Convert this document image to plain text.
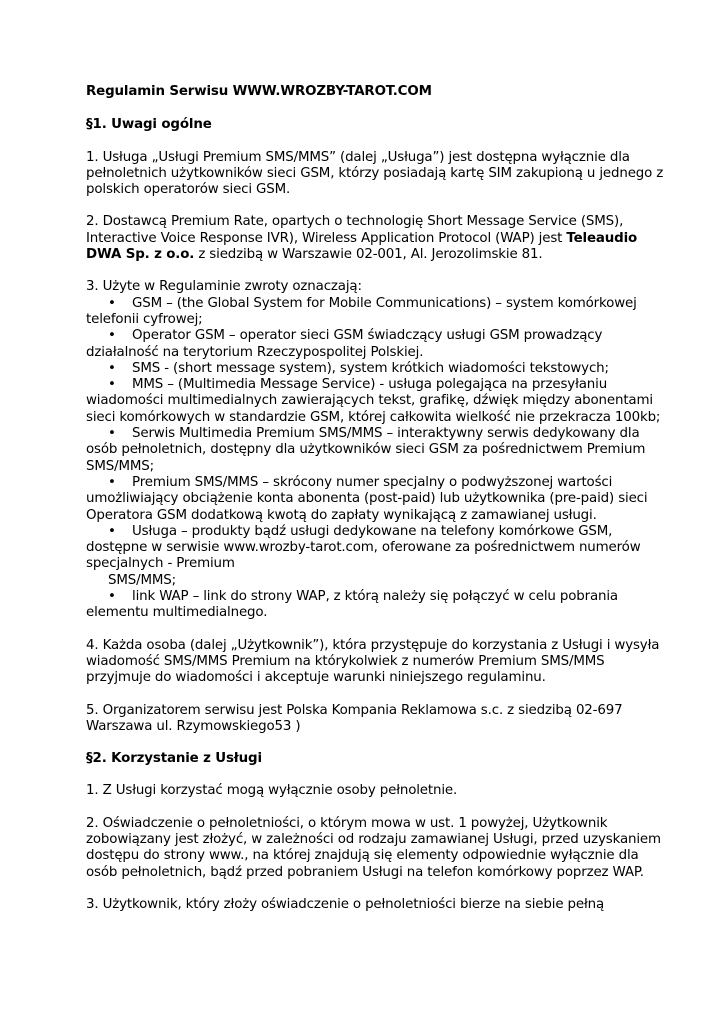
Regulamin Serwisu WWW.WROZBY-TAROT.COM
§1. Uwagi ogólne

1. Usługa „Usługi Premium SMS/MMS” (dalej „Usługa”) jest dostępna wyłącznie dla pełnoletnich użytkowników sieci GSM, którzy posiadają kartę SIM zakupioną u jednego z polskich operatorów sieci GSM.

2. Dostawcą Premium Rate, opartych o technologię Short Message Service (SMS), Interactive Voice Response IVR), Wireless Application Protocol (WAP) jest Teleaudio DWA Sp. z o.o. z siedzibą w Warszawie 02-001, Al. Jerozolimskie 81.

3. Użyte w Regulaminie zwroty oznaczają:
• GSM – (the Global System for Mobile Communications) – system komórkowej telefonii cyfrowej;
• Operator GSM – operator sieci GSM świadczący usługi GSM prowadzący działalność na terytorium Rzeczypospolitej Polskiej.
• SMS - (short message system), system krótkich wiadomości tekstowych;
• MMS – (Multimedia Message Service) - usługa polegająca na przesyłaniu wiadomości multimedialnych zawierających tekst, grafikę, dźwięk między abonentami sieci komórkowych w standardzie GSM, której całkowita wielkość nie przekracza 100kb;
• Serwis Multimedia Premium SMS/MMS – interaktywny serwis dedykowany dla osób pełnoletnich, dostępny dla użytkowników sieci GSM za pośrednictwem Premium SMS/MMS;
• Premium SMS/MMS – skrócony numer specjalny o podwyższonej wartości umożliwiający obciążenie konta abonenta (post-paid) lub użytkownika (pre-paid) sieci Operatora GSM dodatkową kwotą do zapłaty wynikającą z zamawianej usługi.
• Usługa – produkty bądź usługi dedykowane na telefony komórkowe GSM, dostępne w serwisie www.wrozby-tarot.com, oferowane za pośrednictwem numerów specjalnych - Premium
SMS/MMS;
• link WAP – link do strony WAP, z którą należy się połączyć w celu pobrania elementu multimedialnego.

4. Każda osoba (dalej „Użytkownik”), która przystępuje do korzystania z Usługi i wysyła wiadomość SMS/MMS Premium na którykolwiek z numerów Premium SMS/MMS przyjmuje do wiadomości i akceptuje warunki niniejszego regulaminu.

5. Organizatorem serwisu jest Polska Kompania Reklamowa s.c. z siedzibą 02-697 Warszawa ul. Rzymowskiego53 )

§2. Korzystanie z Usługi

1. Z Usługi korzystać mogą wyłącznie osoby pełnoletnie.

2. Oświadczenie o pełnoletniości, o którym mowa w ust. 1 powyżej, Użytkownik zobowiązany jest złożyć, w zależności od rodzaju zamawianej Usługi, przed uzyskaniem dostępu do strony www., na której znajdują się elementy odpowiednie wyłącznie dla osób pełnoletnich, bądź przed pobraniem Usługi na telefon komórkowy poprzez WAP.

3. Użytkownik, który złoży oświadczenie o pełnoletniości bierze na siebie pełną
